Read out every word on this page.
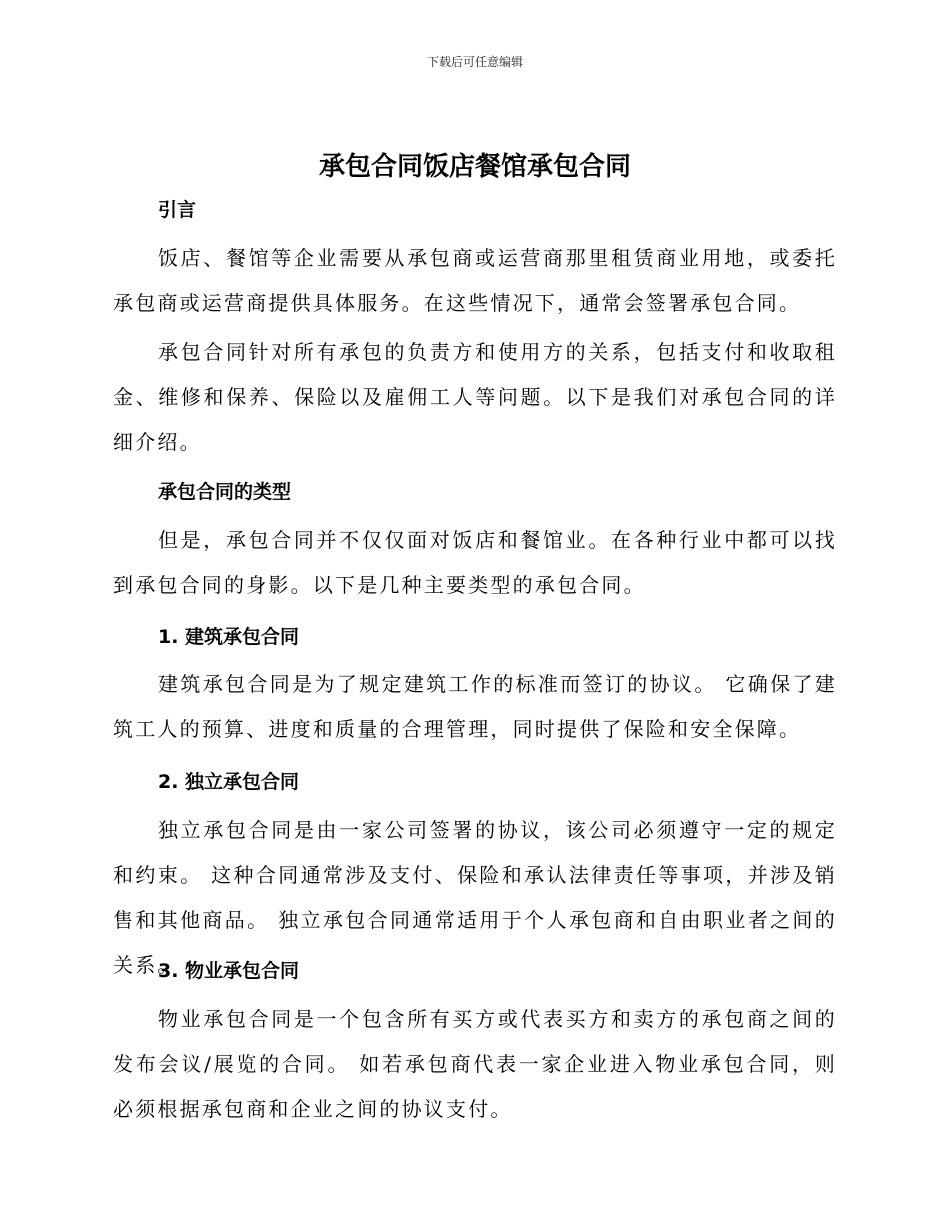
下载后可任意编辑
承包合同饭店餐馆承包合同
引言
饭店、餐馆等企业需要从承包商或运营商那里租赁商业用地，或委托承包商或运营商提供具体服务。在这些情况下，通常会签署承包合同。
承包合同针对所有承包的负责方和使用方的关系，包括支付和收取租金、维修和保养、保险以及雇佣工人等问题。以下是我们对承包合同的详细介绍。
承包合同的类型
但是，承包合同并不仅仅面对饭店和餐馆业。在各种行业中都可以找到承包合同的身影。以下是几种主要类型的承包合同。
1. 建筑承包合同
建筑承包合同是为了规定建筑工作的标准而签订的协议。 它确保了建筑工人的预算、进度和质量的合理管理，同时提供了保险和安全保障。
2. 独立承包合同
独立承包合同是由一家公司签署的协议，该公司必须遵守一定的规定和约束。 这种合同通常涉及支付、保险和承认法律责任等事项，并涉及销售和其他商品。 独立承包合同通常适用于个人承包商和自由职业者之间的关系。
3. 物业承包合同
物业承包合同是一个包含所有买方或代表买方和卖方的承包商之间的发布会议/展览的合同。 如若承包商代表一家企业进入物业承包合同，则必须根据承包商和企业之间的协议支付。
